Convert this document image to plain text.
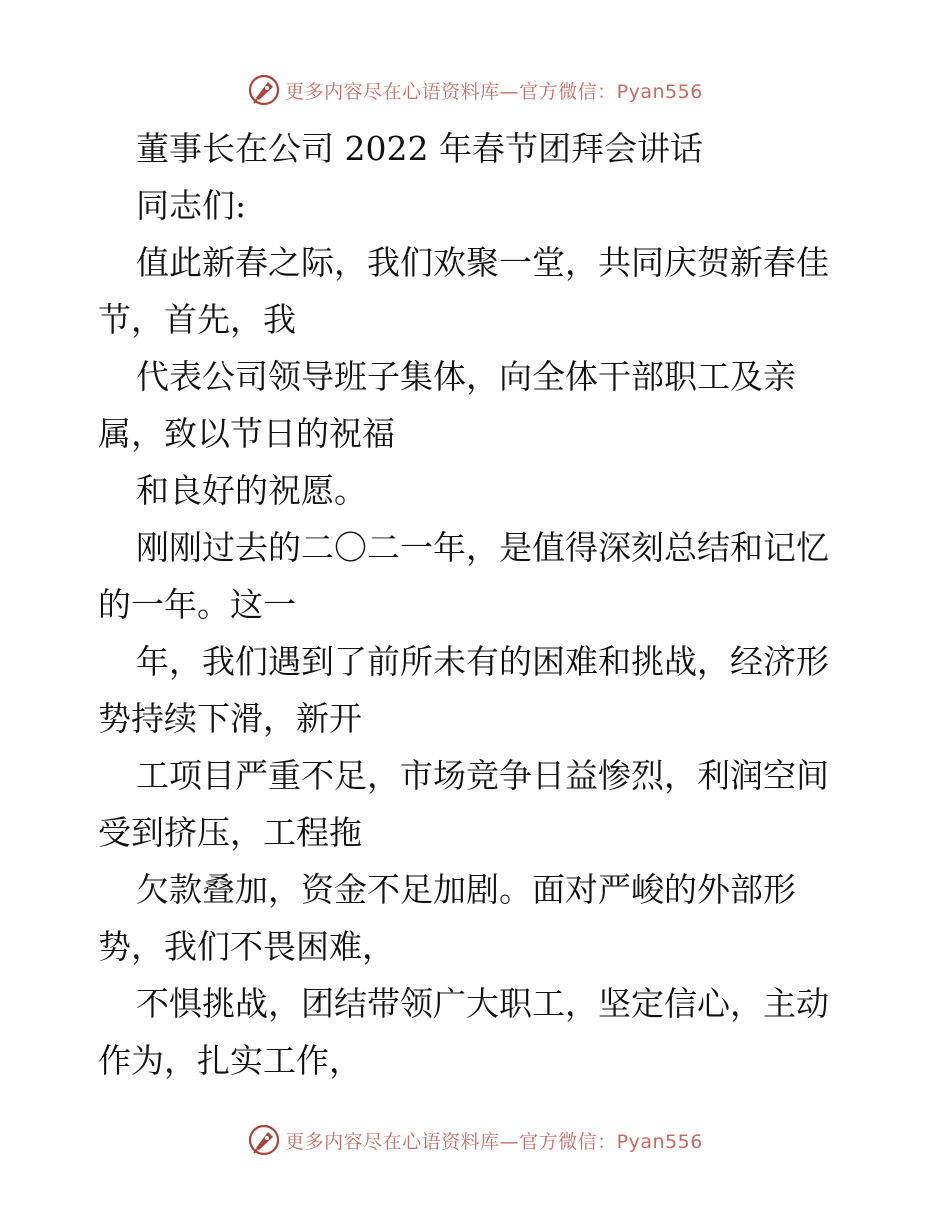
更多内容尽在心语资料库—官方微信：Pyan556
董事长在公司 2022 年春节团拜会讲话
同志们:
值此新春之际，我们欢聚一堂，共同庆贺新春佳
节，首先，我
代表公司领导班子集体，向全体干部职工及亲
属，致以节日的祝福
和良好的祝愿。
刚刚过去的二〇二一年，是值得深刻总结和记忆
的一年。这一
年，我们遇到了前所未有的困难和挑战，经济形
势持续下滑，新开
工项目严重不足，市场竞争日益惨烈，利润空间
受到挤压，工程拖
欠款叠加，资金不足加剧。面对严峻的外部形
势，我们不畏困难，
不惧挑战，团结带领广大职工，坚定信心，主动
作为，扎实工作，
更多内容尽在心语资料库—官方微信：Pyan556
